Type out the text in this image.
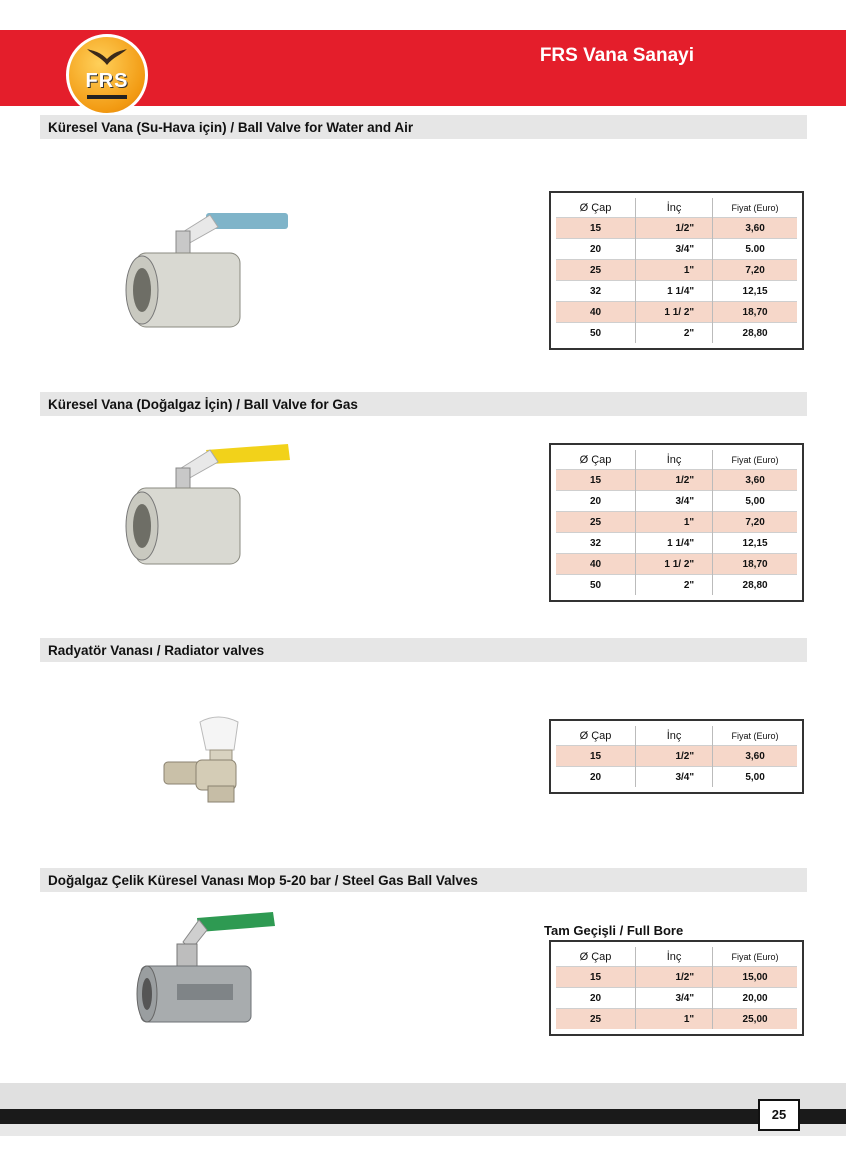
FRS Vana Sanayi
FRS
Küresel Vana (Su-Hava için) / Ball Valve for Water and Air
Ø Çap	İnç	Fiyat (Euro)
15	1/2"	3,60
20	3/4"	5.00
25	1"	7,20
32	1 1/4"	12,15
40	1 1/ 2"	18,70
50	2"	28,80
Küresel Vana (Doğalgaz İçin) / Ball Valve for Gas
Ø Çap	İnç	Fiyat (Euro)
15	1/2"	3,60
20	3/4"	5,00
25	1"	7,20
32	1 1/4"	12,15
40	1 1/ 2"	18,70
50	2"	28,80
Radyatör Vanası / Radiator valves
Ø Çap	İnç	Fiyat (Euro)
15	1/2"	3,60
20	3/4"	5,00
Doğalgaz Çelik Küresel Vanası Mop 5-20 bar / Steel Gas Ball Valves
Tam Geçişli / Full Bore
Ø Çap	İnç	Fiyat (Euro)
15	1/2"	15,00
20	3/4"	20,00
25	1"	25,00
25
